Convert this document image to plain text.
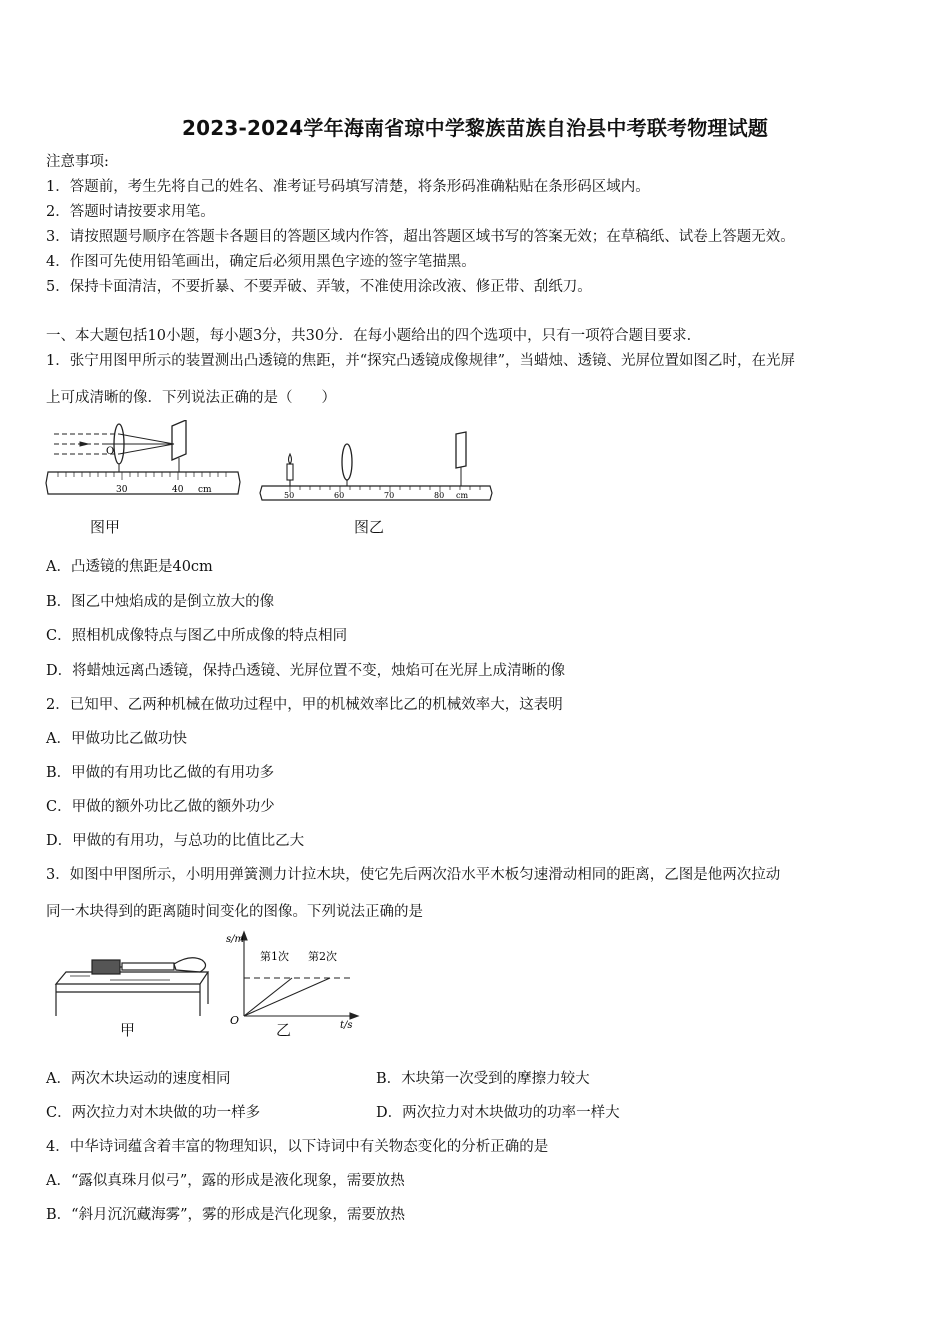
2023-2024学年海南省琼中学黎族苗族自治县中考联考物理试题
注意事项:
1．答题前，考生先将自己的姓名、准考证号码填写清楚，将条形码准确粘贴在条形码区域内。
2．答题时请按要求用笔。
3．请按照题号顺序在答题卡各题目的答题区域内作答，超出答题区域书写的答案无效；在草稿纸、试卷上答题无效。
4．作图可先使用铅笔画出，确定后必须用黑色字迹的签字笔描黑。
5．保持卡面清洁，不要折暴、不要弄破、弄皱，不准使用涂改液、修正带、刮纸刀。
一、本大题包括10小题，每小题3分，共30分．在每小题给出的四个选项中，只有一项符合题目要求．
1．张宁用图甲所示的装置测出凸透镜的焦距，并“探究凸透镜成像规律”，当蜡烛、透镜、光屏位置如图乙时，在光屏
上可成清晰的像．下列说法正确的是（　　）
O
30	40 cm
图甲
50	60	70	80 cm
图乙
A．凸透镜的焦距是40cm
B．图乙中烛焰成的是倒立放大的像
C．照相机成像特点与图乙中所成像的特点相同
D．将蜡烛远离凸透镜，保持凸透镜、光屏位置不变，烛焰可在光屏上成清晰的像
2．已知甲、乙两种机械在做功过程中，甲的机械效率比乙的机械效率大，这表明
A．甲做功比乙做功快
B．甲做的有用功比乙做的有用功多
C．甲做的额外功比乙做的额外功少
D．甲做的有用功，与总功的比值比乙大
3．如图中甲图所示，小明用弹簧测力计拉木块，使它先后两次沿水平木板匀速滑动相同的距离，乙图是他两次拉动
同一木块得到的距离随时间变化的图像。下列说法正确的是
甲
s/m
t/s
O
第1次 第2次
乙
A．两次木块运动的速度相同	B．木块第一次受到的摩擦力较大
C．两次拉力对木块做的功一样多	D．两次拉力对木块做功的功率一样大
4．中华诗词蕴含着丰富的物理知识，以下诗词中有关物态变化的分析正确的是
A．“露似真珠月似弓”，露的形成是液化现象，需要放热
B．“斜月沉沉藏海雾”，雾的形成是汽化现象，需要放热
